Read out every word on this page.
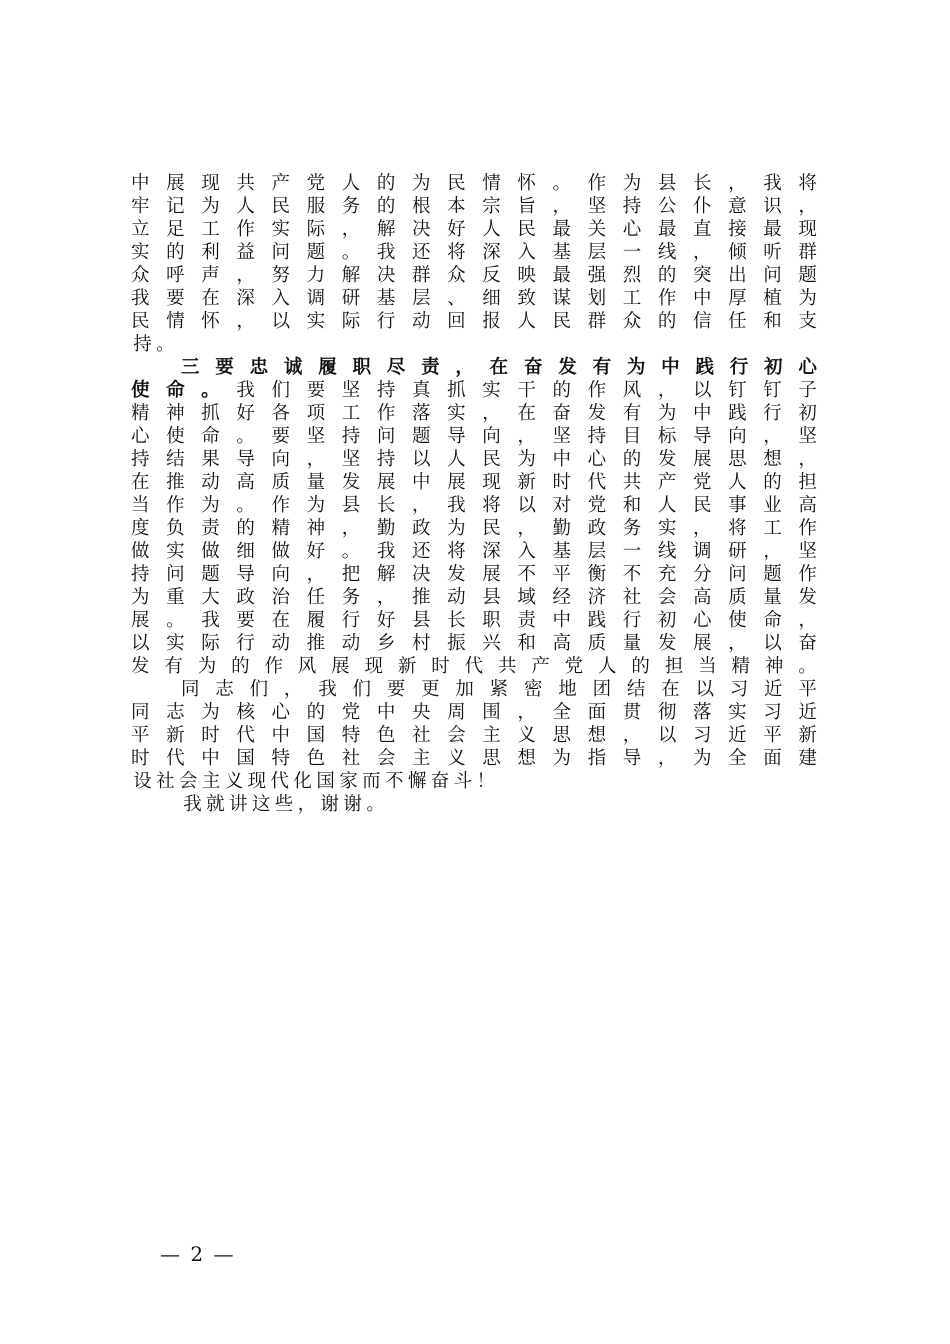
中 展 现 共 产 党 人 的 为 民 情 怀 。 作 为 县 长 ， 我 将
牢 记 为 人 民 服 务 的 根 本 宗 旨 ， 坚 持 公 仆 意 识 ，
立 足 工 作 实 际 ， 解 决 好 人 民 最 关 心 最 直 接 最 现
实 的 利 益 问 题 。 我 还 将 深 入 基 层 一 线 ， 倾 听 群
众 呼 声 ， 努 力 解 决 群 众 反 映 最 强 烈 的 突 出 问 题
我 要 在 深 入 调 研 基 层 、 细 致 谋 划 工 作 中 厚 植 为
民 情 怀 ， 以 实 际 行 动 回 报 人 民 群 众 的 信 任 和 支
持 。
三 要 忠 诚 履 职 尽 责 ， 在 奋 发 有 为 中 践 行 初 心
使 命 。 我 们 要 坚 持 真 抓 实 干 的 作 风 ， 以 钉 钉 子
精 神 抓 好 各 项 工 作 落 实 ， 在 奋 发 有 为 中 践 行 初
心 使 命 。 要 坚 持 问 题 导 向 ， 坚 持 目 标 导 向 ， 坚
持 结 果 导 向 ， 坚 持 以 人 民 为 中 心 的 发 展 思 想 ，
在 推 动 高 质 量 发 展 中 展 现 新 时 代 共 产 党 人 的 担
当 作 为 。 作 为 县 长 ， 我 将 以 对 党 和 人 民 事 业 高
度 负 责 的 精 神 ， 勤 政 为 民 ， 勤 政 务 实 ， 将 工 作
做 实 做 细 做 好 。 我 还 将 深 入 基 层 一 线 调 研 ， 坚
持 问 题 导 向 ， 把 解 决 发 展 不 平 衡 不 充 分 问 题 作
为 重 大 政 治 任 务 ， 推 动 县 域 经 济 社 会 高 质 量 发
展 。 我 要 在 履 行 好 县 长 职 责 中 践 行 初 心 使 命 ，
以 实 际 行 动 推 动 乡 村 振 兴 和 高 质 量 发 展 ， 以 奋
发 有 为 的 作 风 展 现 新 时 代 共 产 党 人 的 担 当 精 神 。
同 志 们 ， 我 们 要 更 加 紧 密 地 团 结 在 以 习 近 平
同 志 为 核 心 的 党 中 央 周 围 ， 全 面 贯 彻 落 实 习 近
平 新 时 代 中 国 特 色 社 会 主 义 思 想 ， 以 习 近 平 新
时 代 中 国 特 色 社 会 主 义 思 想 为 指 导 ， 为 全 面 建
设 社 会 主 义 现 代 化 国 家 而 不 懈 奋 斗 ！
我 就 讲 这 些 ， 谢 谢 。
— 2 —
